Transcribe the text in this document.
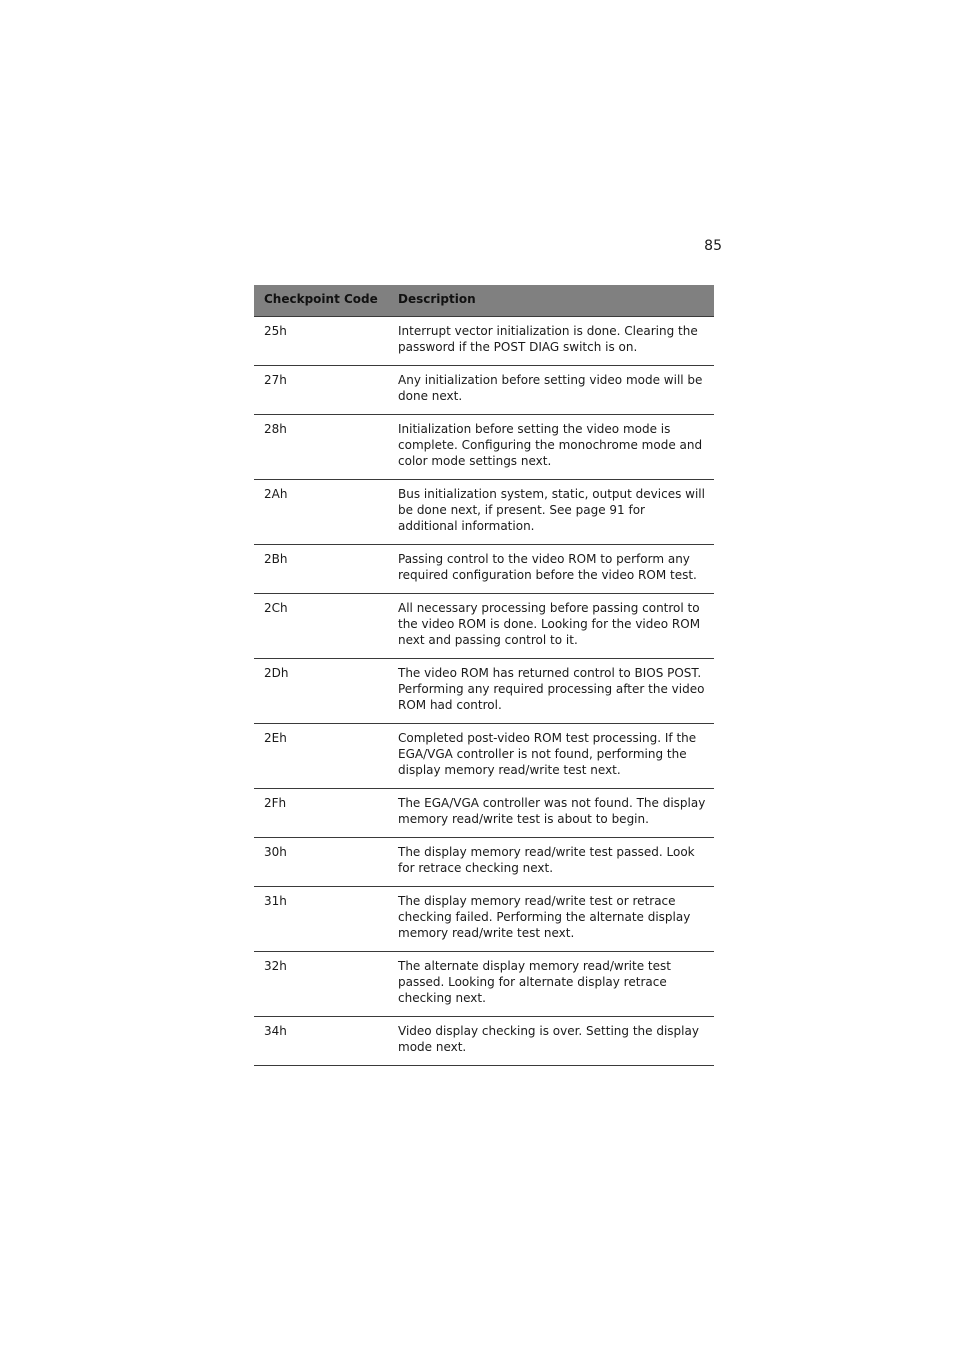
85
Checkpoint Code	Description
25h	Interrupt vector initialization is done. Clearing the password if the POST DIAG switch is on.
27h	Any initialization before setting video mode will be done next.
28h	Initialization before setting the video mode is complete. Configuring the monochrome mode and color mode settings next.
2Ah	Bus initialization system, static, output devices will be done next, if present. See page 91 for additional information.
2Bh	Passing control to the video ROM to perform any required configuration before the video ROM test.
2Ch	All necessary processing before passing control to the video ROM is done. Looking for the video ROM next and passing control to it.
2Dh	The video ROM has returned control to BIOS POST. Performing any required processing after the video ROM had control.
2Eh	Completed post-video ROM test processing. If the EGA/VGA controller is not found, performing the display memory read/write test next.
2Fh	The EGA/VGA controller was not found. The display memory read/write test is about to begin.
30h	The display memory read/write test passed. Look for retrace checking next.
31h	The display memory read/write test or retrace checking failed. Performing the alternate display memory read/write test next.
32h	The alternate display memory read/write test passed. Looking for alternate display retrace checking next.
34h	Video display checking is over. Setting the display mode next.
